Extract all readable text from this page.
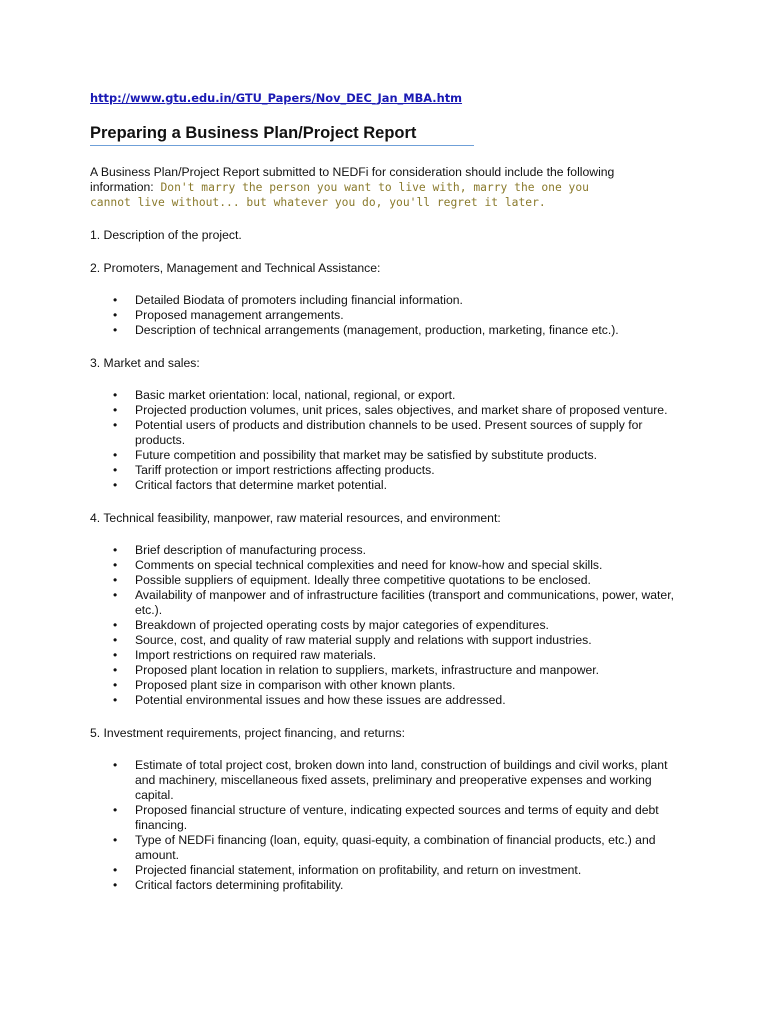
http://www.gtu.edu.in/GTU_Papers/Nov_DEC_Jan_MBA.htm
Preparing a Business Plan/Project Report
A Business Plan/Project Report submitted to NEDFi for consideration should include the following
information: Don't marry the person you want to live with, marry the one you
cannot live without... but whatever you do, you'll regret it later.
1. Description of the project.
2. Promoters, Management and Technical Assistance:
• Detailed Biodata of promoters including financial information.
• Proposed management arrangements.
• Description of technical arrangements (management, production, marketing, finance etc.).
3. Market and sales:
• Basic market orientation: local, national, regional, or export.
• Projected production volumes, unit prices, sales objectives, and market share of proposed venture.
• Potential users of products and distribution channels to be used. Present sources of supply for products.
• Future competition and possibility that market may be satisfied by substitute products.
• Tariff protection or import restrictions affecting products.
• Critical factors that determine market potential.
4. Technical feasibility, manpower, raw material resources, and environment:
• Brief description of manufacturing process.
• Comments on special technical complexities and need for know-how and special skills.
• Possible suppliers of equipment. Ideally three competitive quotations to be enclosed.
• Availability of manpower and of infrastructure facilities (transport and communications, power, water, etc.).
• Breakdown of projected operating costs by major categories of expenditures.
• Source, cost, and quality of raw material supply and relations with support industries.
• Import restrictions on required raw materials.
• Proposed plant location in relation to suppliers, markets, infrastructure and manpower.
• Proposed plant size in comparison with other known plants.
• Potential environmental issues and how these issues are addressed.
5. Investment requirements, project financing, and returns:
• Estimate of total project cost, broken down into land, construction of buildings and civil works, plant and machinery, miscellaneous fixed assets, preliminary and preoperative expenses and working capital.
• Proposed financial structure of venture, indicating expected sources and terms of equity and debt financing.
• Type of NEDFi financing (loan, equity, quasi-equity, a combination of financial products, etc.) and amount.
• Projected financial statement, information on profitability, and return on investment.
• Critical factors determining profitability.
